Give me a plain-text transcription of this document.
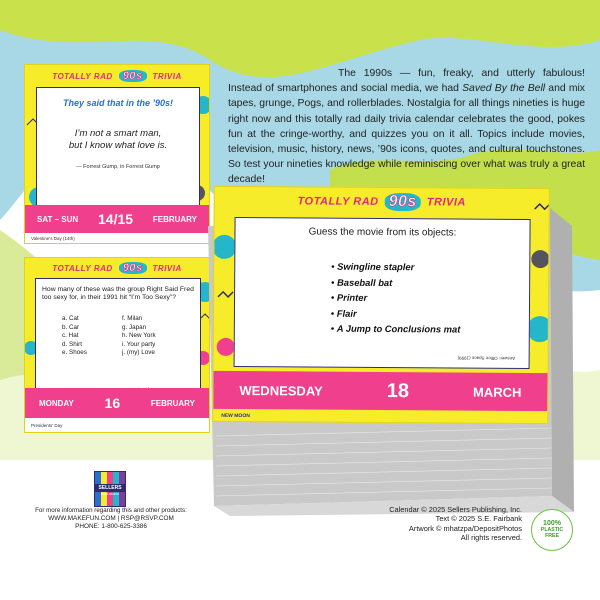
The 1990s — fun, freaky, and utterly fabulous! Instead of smartphones and social media, we had Saved By the Bell and mix tapes, grunge, Pogs, and rollerblades. Nostalgia for all things nineties is huge right now and this totally rad daily trivia calendar celebrates the good, pokes fun at the cringe-worthy, and quizzes you on it all. Topics include movies, television, music, history, news, ’90s icons, quotes, and cultural touchstones. So test your nineties knowledge while reminiscing over what was truly a great decade!

TOTALLY RAD 90s	TRIVIA
They said that in the ’90s!
I’m not a smart man,
but I know what love is.
— Forrest Gump, in Forrest Gump
SAT – SUN 14/15 FEBRUARY
Valentine's Day (14th)
TOTALLY RAD 90s	TRIVIA
How many of these was the group Right Said Fred too sexy for, in their 1991 hit “I’m Too Sexy”?
a. Cat	f. Milan
b. Car	g. Japan
c. Hat	h. New York
d. Shirt	i. Your party
e. Shoes	j. (my) Love
MONDAY 16	FEBRUARY
Presidents' Day
TOTALLY RAD 90s TRIVIA
Guess the movie from its objects:
• Swingline stapler
• Baseball bat
• Printer
• Flair
• A Jump to Conclusions mat
Answer: Office Space (1999)
WEDNESDAY	18	MARCH
NEW MOON
SELLERS
PUBLISHING
For more information regarding this and other products:
WWW.MAKEFUN.COM | RSP@RSVP.COM
PHONE: 1-800-625-3386
Calendar © 2025 Sellers Publishing, Inc.
Text © 2025 S.E. Fairbank
Artwork © mhatzpa/DepositPhotos
All rights reserved.
100%
PLASTIC
FREE
